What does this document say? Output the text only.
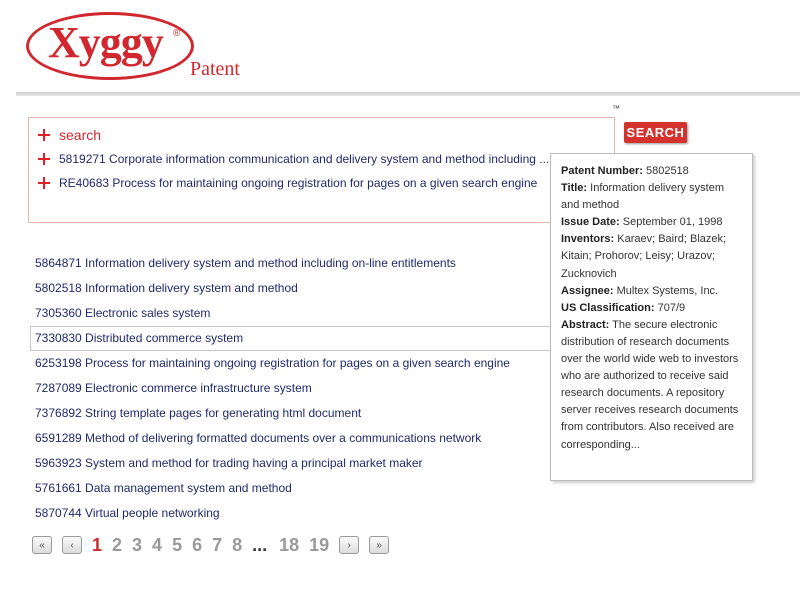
Xyggy ®
Patent
™
search
5819271 Corporate information communication and delivery system and method including ...
RE40683 Process for maintaining ongoing registration for pages on a given search engine
SEARCH
5864871 Information delivery system and method including on-line entitlements
5802518 Information delivery system and method
7305360 Electronic sales system
7330830 Distributed commerce system
6253198 Process for maintaining ongoing registration for pages on a given search engine
7287089 Electronic commerce infrastructure system
7376892 String template pages for generating html document
6591289 Method of delivering formatted documents over a communications network
5963923 System and method for trading having a principal market maker
5761661 Data management system and method
5870744 Virtual people networking
Patent Number: 5802518
Title: Information delivery system and method
Issue Date: September 01, 1998
Inventors: Karaev; Baird; Blazek; Kitain; Prohorov; Leisy; Urazov; Zucknovich
Assignee: Multex Systems, Inc.
US Classification: 707/9
Abstract: The secure electronic distribution of research documents over the world wide web to investors who are authorized to receive said research documents. A repository server receives research documents from contributors. Also received are corresponding...
«	‹	1 2 3 4 5 6 7 8 ... 18 19	›	»
